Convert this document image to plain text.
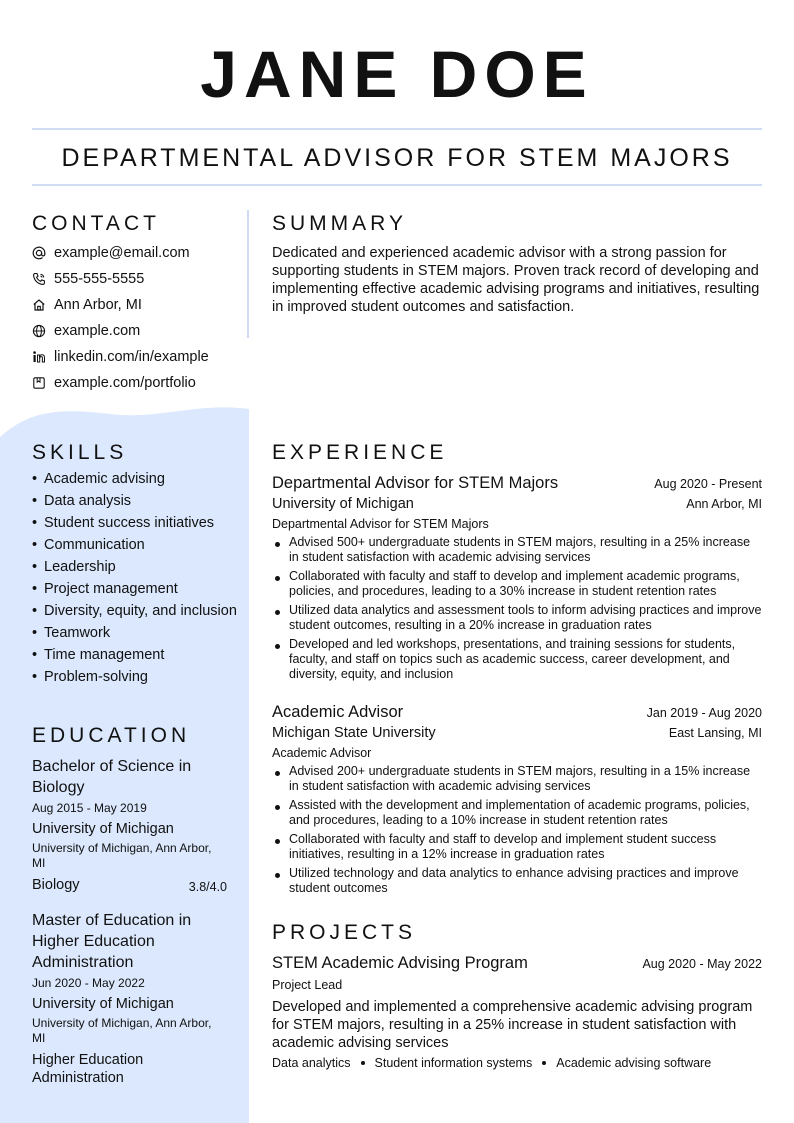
JANE DOE
DEPARTMENTAL ADVISOR FOR STEM MAJORS
CONTACT
example@email.com
555-555-5555
Ann Arbor, MI
example.com
linkedin.com/in/example
example.com/portfolio
SKILLS
• Academic advising
• Data analysis
• Student success initiatives
• Communication
• Leadership
• Project management
• Diversity, equity, and inclusion
• Teamwork
• Time management
• Problem-solving
EDUCATION
Bachelor of Science in Biology
Aug 2015 - May 2019
University of Michigan
University of Michigan, Ann Arbor, MI
Biology	3.8/4.0
Master of Education in Higher Education Administration
Jun 2020 - May 2022
University of Michigan
University of Michigan, Ann Arbor, MI
Higher Education Administration
SUMMARY
Dedicated and experienced academic advisor with a strong passion for supporting students in STEM majors. Proven track record of developing and implementing effective academic advising programs and initiatives, resulting in improved student outcomes and satisfaction.
EXPERIENCE
Departmental Advisor for STEM Majors	Aug 2020 - Present
University of Michigan	Ann Arbor, MI
Departmental Advisor for STEM Majors
Advised 500+ undergraduate students in STEM majors, resulting in a 25% increase in student satisfaction with academic advising services
Collaborated with faculty and staff to develop and implement academic programs, policies, and procedures, leading to a 30% increase in student retention rates
Utilized data analytics and assessment tools to inform advising practices and improve student outcomes, resulting in a 20% increase in graduation rates
Developed and led workshops, presentations, and training sessions for students, faculty, and staff on topics such as academic success, career development, and diversity, equity, and inclusion
Academic Advisor	Jan 2019 - Aug 2020
Michigan State University	East Lansing, MI
Academic Advisor
Advised 200+ undergraduate students in STEM majors, resulting in a 15% increase in student satisfaction with academic advising services
Assisted with the development and implementation of academic programs, policies, and procedures, leading to a 10% increase in student retention rates
Collaborated with faculty and staff to develop and implement student success initiatives, resulting in a 12% increase in graduation rates
Utilized technology and data analytics to enhance advising practices and improve student outcomes
PROJECTS
STEM Academic Advising Program	Aug 2020 - May 2022
Project Lead
Developed and implemented a comprehensive academic advising program for STEM majors, resulting in a 25% increase in student satisfaction with academic advising services
Data analytics Student information systems Academic advising software
